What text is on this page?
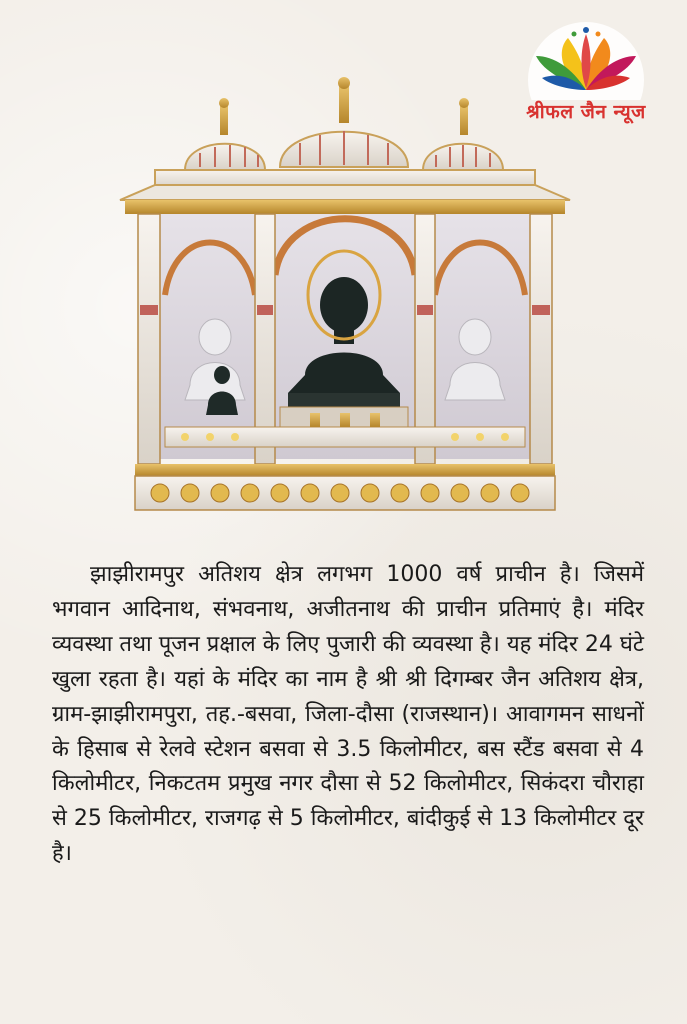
श्रीफल जैन न्यूज

झाझीरामपुर अतिशय क्षेत्र लगभग 1000 वर्ष प्राचीन है। जिसमें भगवान आदिनाथ, संभवनाथ, अजीतनाथ की प्राचीन प्रतिमाएं है। मंदिर व्यवस्था तथा पूजन प्रक्षाल के लिए पुजारी की व्यवस्था है। यह मंदिर 24 घंटे खुला रहता है। यहां के मंदिर का नाम है श्री श्री दिगम्बर जैन अतिशय क्षेत्र, ग्राम-झाझीरामपुरा, तह.-बसवा, जिला-दौसा (राजस्थान)। आवागमन साधनों के हिसाब से रेलवे स्टेशन बसवा से 3.5 किलोमीटर, बस स्टैंड बसवा से 4 किलोमीटर, निकटतम प्रमुख नगर दौसा से 52 किलोमीटर, सिकंदरा चौराहा से 25 किलोमीटर, राजगढ़ से 5 किलोमीटर, बांदीकुई से 13 किलोमीटर दूर है।
